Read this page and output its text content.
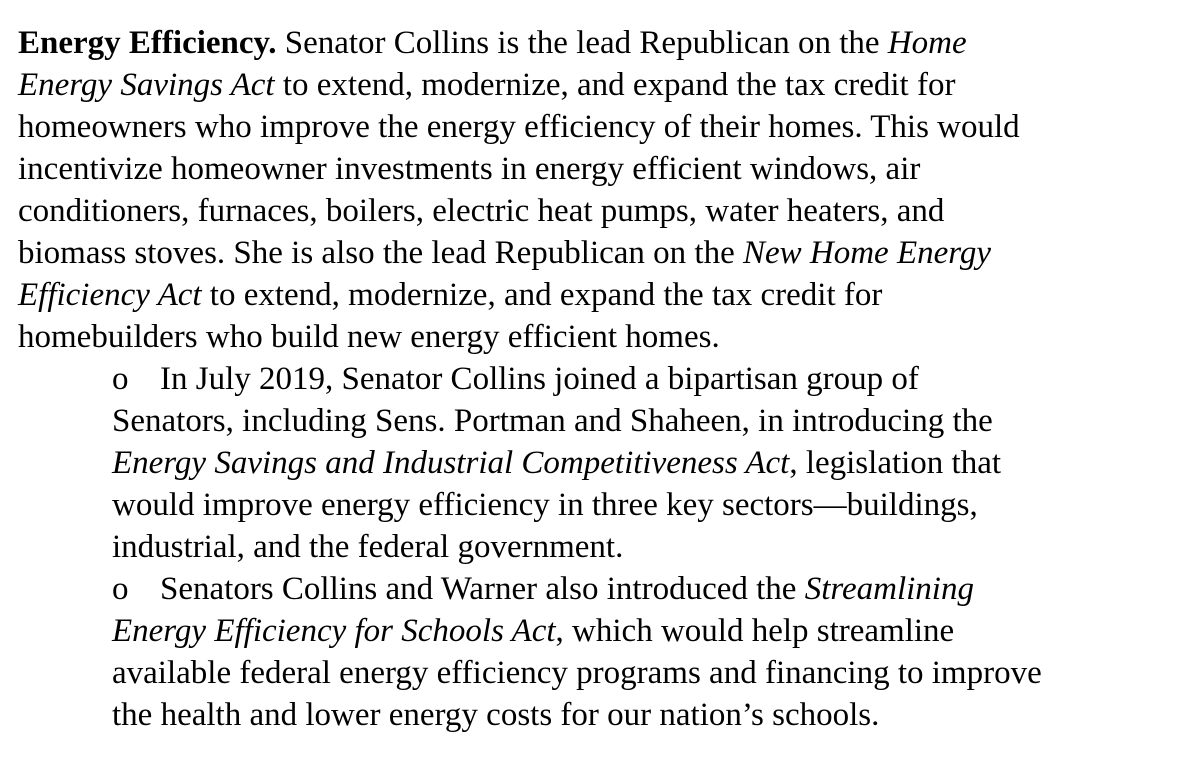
Energy Efficiency. Senator Collins is the lead Republican on the Home
Energy Savings Act to extend, modernize, and expand the tax credit for
homeowners who improve the energy efficiency of their homes. This would
incentivize homeowner investments in energy efficient windows, air
conditioners, furnaces, boilers, electric heat pumps, water heaters, and
biomass stoves. She is also the lead Republican on the New Home Energy
Efficiency Act to extend, modernize, and expand the tax credit for
homebuilders who build new energy efficient homes.

o In July 2019, Senator Collins joined a bipartisan group of
Senators, including Sens. Portman and Shaheen, in introducing the
Energy Savings and Industrial Competitiveness Act, legislation that
would improve energy efficiency in three key sectors—buildings,
industrial, and the federal government.
o Senators Collins and Warner also introduced the Streamlining
Energy Efficiency for Schools Act, which would help streamline
available federal energy efficiency programs and financing to improve
the health and lower energy costs for our nation’s schools.
